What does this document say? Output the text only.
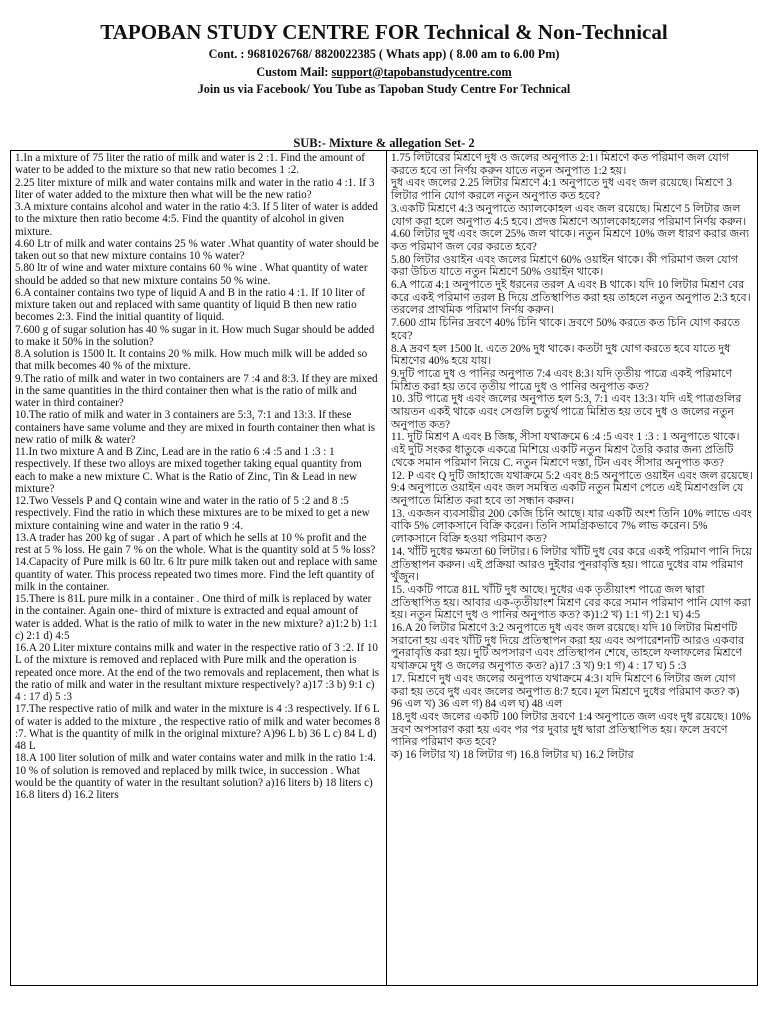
TAPOBAN STUDY CENTRE FOR Technical & Non-Technical

Cont. : 9681026768/ 8820022385 ( Whats app) ( 8.00 am to 6.00 Pm)

Custom Mail: support@tapobanstudycentre.com

Join us via Facebook/ You Tube as Tapoban Study Centre For Technical

SUB:- Mixture & allegation Set- 2

1.In a mixture of 75 liter the ratio of milk and water is 2 :1. Find the amount of water to be added to the mixture so that new ratio becomes 1 :2.

2.25 liter mixture of milk and water contains milk and water in the ratio 4 :1. If 3 liter of water added to the mixture then what will be the new ratio?

3.A mixture contains alcohol and water in the ratio 4:3. If 5 liter of water is added to the mixture then ratio become 4:5. Find the quantity of alcohol in given mixture.

4.60 Ltr of milk and water contains 25 % water .What quantity of water should be taken out so that new mixture contains 10 % water?

5.80 ltr of wine and water mixture contains 60 % wine . What quantity of water should be added so that new mixture contains 50 % wine.

6.A container contains two type of liquid A and B in the ratio 4 :1. If 10 liter of mixture taken out and replaced with same quantity of liquid B then new ratio becomes 2:3. Find the initial quantity of liquid.

7.600 g of sugar solution has 40 % sugar in it. How much Sugar should be added to make it 50% in the solution?

8.A solution is 1500 lt. It contains 20 % milk. How much milk will be added so that milk becomes 40 % of the mixture.

9.The ratio of milk and water in two containers are 7 :4 and 8:3. If they are mixed in the same quantities in the third container then what is the ratio of milk and water in third container?

10.The ratio of milk and water in 3 containers are 5:3, 7:1 and 13:3. If these containers have same volume and they are mixed in fourth container then what is new ratio of milk & water?

11.In two mixture A and B Zinc, Lead are in the ratio 6 :4 :5 and 1 :3 : 1 respectively. If these two alloys are mixed together taking equal quantity from each to make a new mixture C. What is the Ratio of Zinc, Tin & Lead in new mixture?

12.Two Vessels P and Q contain wine and water in the ratio of 5 :2 and 8 :5 respectively. Find the ratio in which these mixtures are to be mixed to get a new mixture containing wine and water in the ratio 9 :4.

13.A trader has 200 kg of sugar . A part of which he sells at 10 % profit and the rest at 5 % loss. He gain 7 % on the whole. What is the quantity sold at 5 % loss?

14.Capacity of Pure milk is 60 ltr. 6 ltr pure milk taken out and replace with same quantity of water. This process repeated two times more. Find the left quantity of milk in the container.

15.There is 81L pure milk in a container . One third of milk is replaced by water in the container. Again one- third of mixture is extracted and equal amount of water is added. What is the ratio of milk to water in the new mixture? a)1:2 b) 1:1 c) 2:1 d) 4:5

16.A 20 Liter mixture contains milk and water in the respective ratio of 3 :2. If 10 L of the mixture is removed and replaced with Pure milk and the operation is repeated once more. At the end of the two removals and replacement, then what is the ratio of milk and water in the resultant mixture respectively? a)17 :3 b) 9:1 c) 4 : 17 d) 5 :3

17.The respective ratio of milk and water in the mixture is 4 :3 respectively. If 6 L of water is added to the mixture , the respective ratio of milk and water becomes 8 :7. What is the quantity of milk in the original mixture? A)96 L b) 36 L c) 84 L d) 48 L

18.A 100 liter solution of milk and water contains water and milk in the ratio 1:4. 10 % of solution is removed and replaced by milk twice, in succession . What would be the quantity of water in the resultant solution? a)16 liters b) 18 liters c) 16.8 liters d) 16.2 liters

1.75 লিটারের মিশ্রণে দুধ ও জলের অনুপাত 2:1। মিশ্রণে কত পরিমাণ জল যোগ করতে হবে তা নির্ণয় করুন যাতে নতুন অনুপাত 1:2 হয়।

দুধ এবং জলের 2.25 লিটার মিশ্রণে 4:1 অনুপাতে দুধ এবং জল রয়েছে। মিশ্রণে 3 লিটার পানি যোগ করলে নতুন অনুপাত কত হবে?

3.একটি মিশ্রণে 4:3 অনুপাতে অ্যালকোহল এবং জল রয়েছে। মিশ্রণে 5 লিটার জল যোগ করা হলে অনুপাত 4:5 হবে। প্রদত্ত মিশ্রণে অ্যালকোহলের পরিমাণ নির্ণয় করুন।

4.60 লিটার দুধ এবং জলে 25% জল থাকে। নতুন মিশ্রণে 10% জল ধারণ করার জন্য কত পরিমাণ জল বের করতে হবে?

5.80 লিটার ওয়াইন এবং জলের মিশ্রণে 60% ওয়াইন থাকে। কী পরিমাণ জল যোগ করা উচিত যাতে নতুন মিশ্রণে 50% ওয়াইন থাকে।

6.A পাত্রে 4:1 অনুপাতে দুই ধরনের তরল A এবং B থাকে। যদি 10 লিটার মিশ্রণ বের করে একই পরিমাণ তরল B দিয়ে প্রতিস্থাপিত করা হয় তাহলে নতুন অনুপাত 2:3 হবে। তরলের প্রাথমিক পরিমাণ নির্ণয় করুন।

7.600 গ্রাম চিনির দ্রবণে 40% চিনি থাকে। দ্রবণে 50% করতে কত চিনি যোগ করতে হবে?

8.A দ্রবণ হল 1500 lt. এতে 20% দুধ থাকে। কতটা দুধ যোগ করতে হবে যাতে দুধ মিশ্রণের 40% হয়ে যায়।

9.দুটি পাত্রে দুধ ও পানির অনুপাত 7:4 এবং 8:3। যদি তৃতীয় পাত্রে একই পরিমাণে মিশ্রিত করা হয় তবে তৃতীয় পাত্রে দুধ ও পানির অনুপাত কত?

10. 3টি পাত্রে দুধ এবং জলের অনুপাত হল 5:3, 7:1 এবং 13:3। যদি এই পাত্রগুলির আয়তন একই থাকে এবং সেগুলি চতুর্থ পাত্রে মিশ্রিত হয় তবে দুধ ও জলের নতুন অনুপাত কত?

11. দুটি মিশ্রণ A এবং B জিঙ্ক, সীসা যথাক্রমে 6 :4 :5 এবং 1 :3 : 1 অনুপাতে থাকে। এই দুটি সংকর ধাতুকে একত্রে মিশিয়ে একটি নতুন মিশ্রণ তৈরি করার জন্য প্রতিটি থেকে সমান পরিমাণ নিয়ে C. নতুন মিশ্রণে দস্তা, টিন এবং সীসার অনুপাত কত?

12. P এবং Q দুটি জাহাজে যথাক্রমে 5:2 এবং 8:5 অনুপাতে ওয়াইন এবং জল রয়েছে। 9:4 অনুপাতে ওয়াইন এবং জল সমন্বিত একটি নতুন মিশ্রণ পেতে এই মিশ্রণগুলি যে অনুপাতে মিশ্রিত করা হবে তা সন্ধান করুন।

13. একজন ব্যবসায়ীর 200 কেজি চিনি আছে। যার একটি অংশ তিনি 10% লাভে এবং বাকি 5% লোকসানে বিক্রি করেন। তিনি সামগ্রিকভাবে 7% লাভ করেন। 5% লোকসানে বিক্রি হওয়া পরিমাণ কত?

14. খাঁটি দুধের ক্ষমতা 60 লিটার। 6 লিটার খাঁটি দুধ বের করে একই পরিমাণ পানি দিয়ে প্রতিস্থাপন করুন। এই প্রক্রিয়া আরও দুইবার পুনরাবৃত্তি হয়। পাত্রে দুধের বাম পরিমাণ খুঁজুন।

15. একটি পাত্রে 81L খাঁটি দুধ আছে। দুধের এক তৃতীয়াংশ পাত্রে জল দ্বারা প্রতিস্থাপিত হয়। আবার এক-তৃতীয়াংশ মিশ্রণ বের করে সমান পরিমাণ পানি যোগ করা হয়। নতুন মিশ্রণে দুধ ও পানির অনুপাত কত? ক)1:2 খ) 1:1 গ) 2:1 ঘ) 4:5

16.A 20 লিটার মিশ্রণে 3:2 অনুপাতে দুধ এবং জল রয়েছে। যদি 10 লিটার মিশ্রণটি সরানো হয় এবং খাঁটি দুধ দিয়ে প্রতিস্থাপন করা হয় এবং অপারেশনটি আরও একবার পুনরাবৃত্তি করা হয়। দুটি অপসারণ এবং প্রতিস্থাপন শেষে, তাহলে ফলাফলের মিশ্রণে যথাক্রমে দুধ ও জলের অনুপাত কত? a)17 :3 খ) 9:1 গ) 4 : 17 ঘ) 5 :3

17. মিশ্রণে দুধ এবং জলের অনুপাত যথাক্রমে 4:3। যদি মিশ্রণে 6 লিটার জল যোগ করা হয় তবে দুধ এবং জলের অনুপাত 8:7 হবে। মূল মিশ্রণে দুধের পরিমাণ কত? ক) 96 এল খ) 36 এল গ) 84 এল ঘ) 48 এল

18.দুধ এবং জলের একটি 100 লিটার দ্রবণে 1:4 অনুপাতে জল এবং দুধ রয়েছে। 10% দ্রবণ অপসারণ করা হয় এবং পর পর দুবার দুধ দ্বারা প্রতিস্থাপিত হয়। ফলে দ্রবণে পানির পরিমাণ কত হবে?

ক) 16 লিটার খ) 18 লিটার গ) 16.8 লিটার ঘ) 16.2 লিটার
